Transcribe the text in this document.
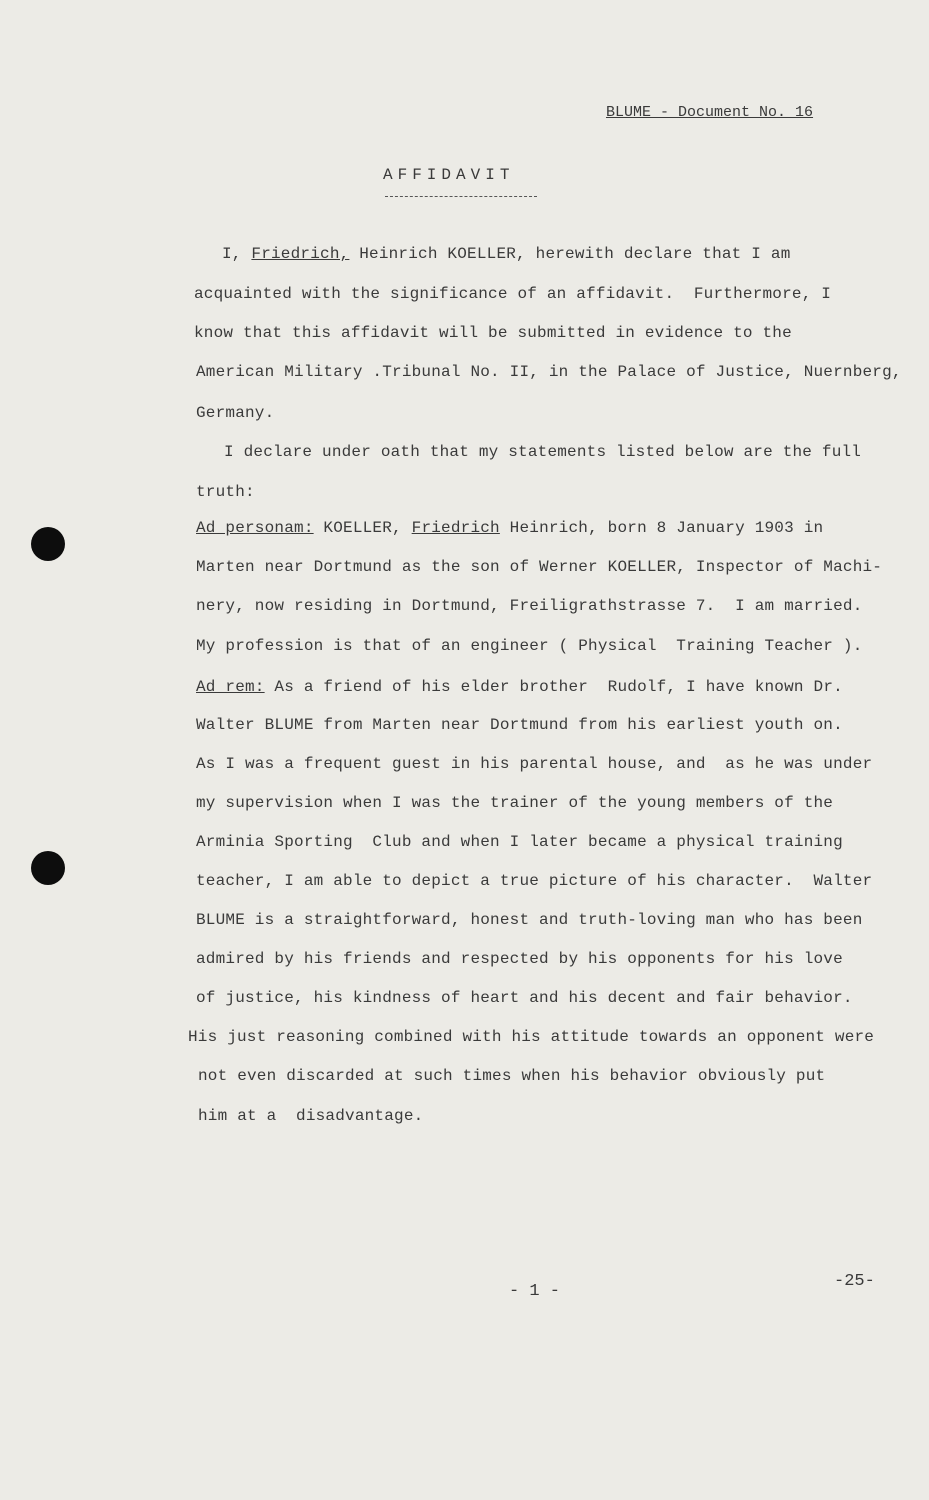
BLUME - Document No. 16
AFFIDAVIT
I, Friedrich, Heinrich KOELLER, herewith declare that I am
acquainted with the significance of an affidavit.  Furthermore, I
know that this affidavit will be submitted in evidence to the
American Military .Tribunal No. II, in the Palace of Justice, Nuernberg,
Germany.
I declare under oath that my statements listed below are the full
truth:
Ad personam: KOELLER, Friedrich Heinrich, born 8 January 1903 in
Marten near Dortmund as the son of Werner KOELLER, Inspector of Machi-
nery, now residing in Dortmund, Freiligrathstrasse 7.  I am married.
My profession is that of an engineer ( Physical  Training Teacher ).
Ad rem: As a friend of his elder brother  Rudolf, I have known Dr.
Walter BLUME from Marten near Dortmund from his earliest youth on.
As I was a frequent guest in his parental house, and  as he was under
my supervision when I was the trainer of the young members of the
Arminia Sporting  Club and when I later became a physical training
teacher, I am able to depict a true picture of his character.  Walter
BLUME is a straightforward, honest and truth-loving man who has been
admired by his friends and respected by his opponents for his love
of justice, his kindness of heart and his decent and fair behavior.
His just reasoning combined with his attitude towards an opponent were
not even discarded at such times when his behavior obviously put
him at a  disadvantage.
- 1 -
-25-
